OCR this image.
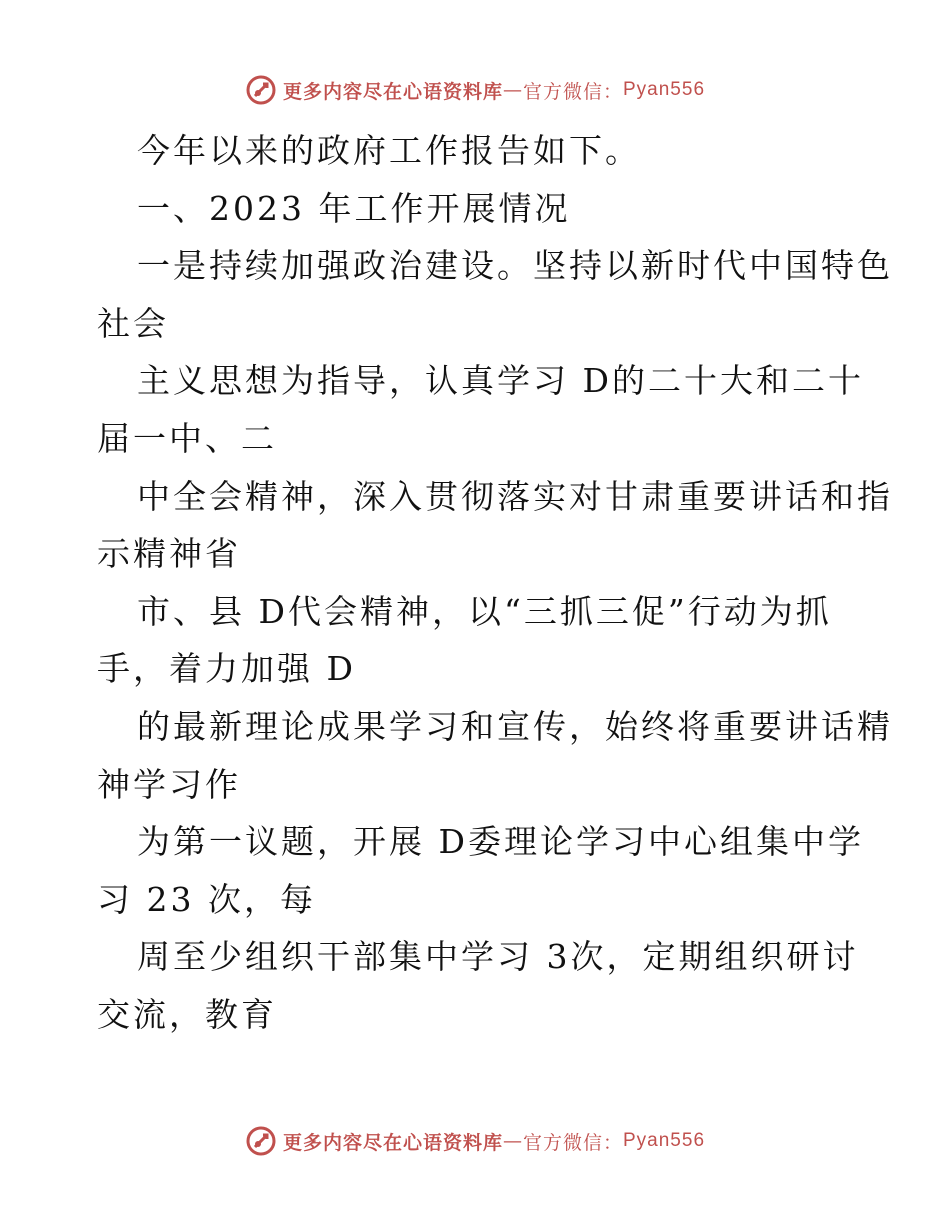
更多内容尽在心语资料库 — 官方微信： Pyan556
今年以来的政府工作报告如下。
一、2023 年工作开展情况
一是持续加强政治建设。坚持以新时代中国特色
社会
主义思想为指导，认真学习 D的二十大和二十
届一中、二
中全会精神，深入贯彻落实对甘肃重要讲话和指
示精神省
市、县 D代会精神，以“三抓三促”行动为抓
手，着力加强 D
的最新理论成果学习和宣传，始终将重要讲话精
神学习作
为第一议题，开展 D委理论学习中心组集中学
习 23 次，每
周至少组织干部集中学习 3次，定期组织研讨
交流，教育
更多内容尽在心语资料库 — 官方微信： Pyan556
